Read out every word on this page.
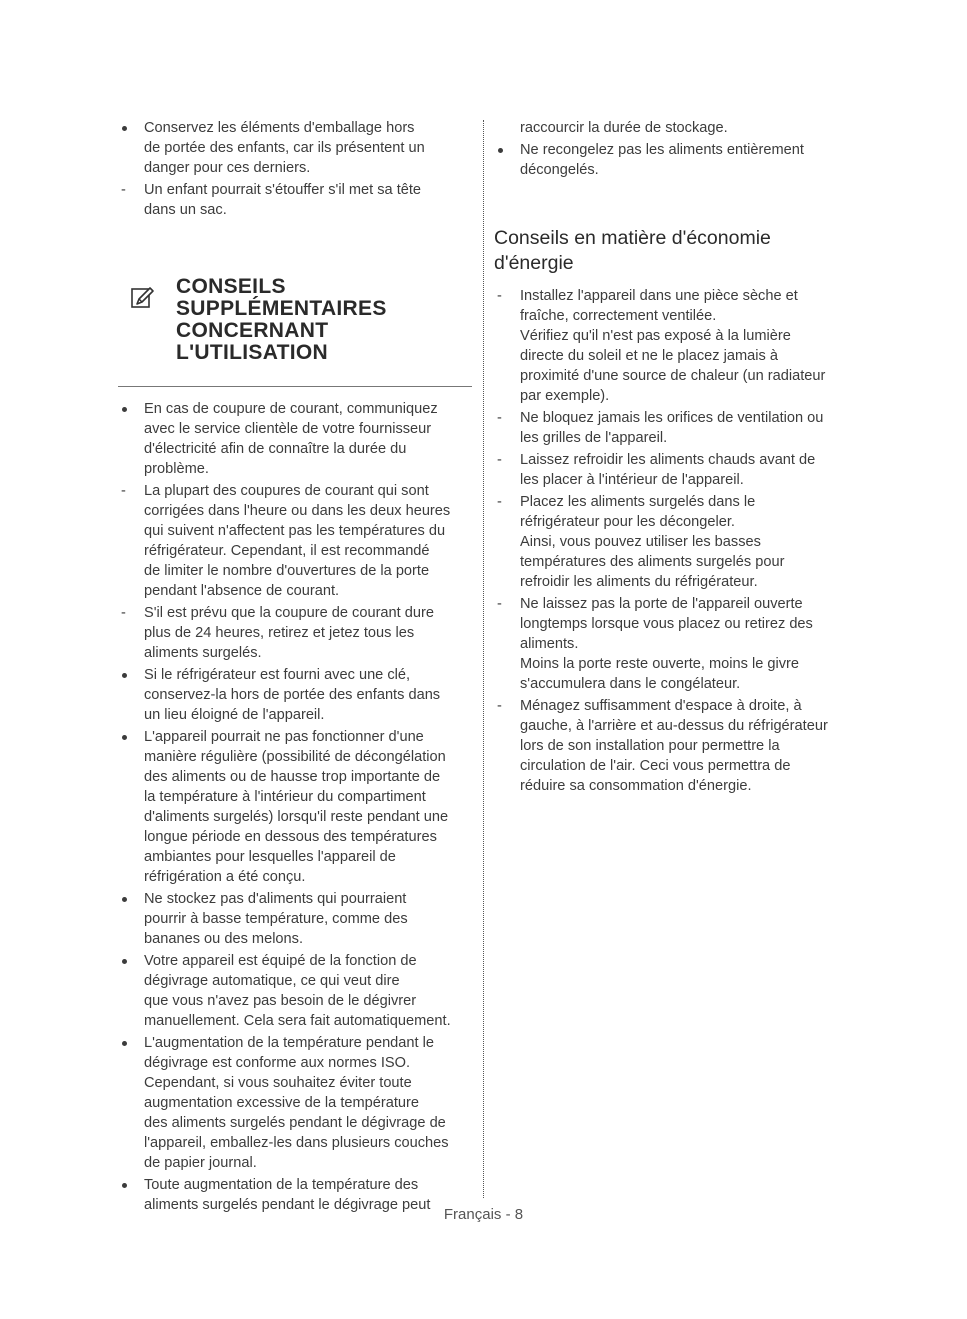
Conservez les éléments d'emballage hors
de portée des enfants, car ils présentent un
danger pour ces derniers.
Un enfant pourrait s'étouffer s'il met sa tête
dans un sac.
CONSEILS
SUPPLÉMENTAIRES
CONCERNANT
L'UTILISATION
En cas de coupure de courant, communiquez
avec le service clientèle de votre fournisseur
d'électricité afin de connaître la durée du
problème.
La plupart des coupures de courant qui sont
corrigées dans l'heure ou dans les deux heures
qui suivent n'affectent pas les températures du
réfrigérateur. Cependant, il est recommandé
de limiter le nombre d'ouvertures de la porte
pendant l'absence de courant.
S'il est prévu que la coupure de courant dure
plus de 24 heures, retirez et jetez tous les
aliments surgelés.
Si le réfrigérateur est fourni avec une clé,
conservez-la hors de portée des enfants dans
un lieu éloigné de l'appareil.
L'appareil pourrait ne pas fonctionner d'une
manière régulière (possibilité de décongélation
des aliments ou de hausse trop importante de
la température à l'intérieur du compartiment
d'aliments surgelés) lorsqu'il reste pendant une
longue période en dessous des températures
ambiantes pour lesquelles l'appareil de
réfrigération a été conçu.
Ne stockez pas d'aliments qui pourraient
pourrir à basse température, comme des
bananes ou des melons.
Votre appareil est équipé de la fonction de
dégivrage automatique, ce qui veut dire
que vous n'avez pas besoin de le dégivrer
manuellement. Cela sera fait automatiquement.
L'augmentation de la température pendant le
dégivrage est conforme aux normes ISO.
Cependant, si vous souhaitez éviter toute
augmentation excessive de la température
des aliments surgelés pendant le dégivrage de
l'appareil, emballez-les dans plusieurs couches
de papier journal.
Toute augmentation de la température des
aliments surgelés pendant le dégivrage peut
raccourcir la durée de stockage.
Ne recongelez pas les aliments entièrement
décongelés.
Conseils en matière d'économie d'énergie
Installez l'appareil dans une pièce sèche et
fraîche, correctement ventilée.
Vérifiez qu'il n'est pas exposé à la lumière
directe du soleil et ne le placez jamais à
proximité d'une source de chaleur (un radiateur
par exemple).
Ne bloquez jamais les orifices de ventilation ou
les grilles de l'appareil.
Laissez refroidir les aliments chauds avant de
les placer à l'intérieur de l'appareil.
Placez les aliments surgelés dans le
réfrigérateur pour les décongeler.
Ainsi, vous pouvez utiliser les basses
températures des aliments surgelés pour
refroidir les aliments du réfrigérateur.
Ne laissez pas la porte de l'appareil ouverte
longtemps lorsque vous placez ou retirez des
aliments.
Moins la porte reste ouverte, moins le givre
s'accumulera dans le congélateur.
Ménagez suffisamment d'espace à droite, à
gauche, à l'arrière et au-dessus du réfrigérateur
lors de son installation pour permettre la
circulation de l'air. Ceci vous permettra de
réduire sa consommation d'énergie.
Français - 8
